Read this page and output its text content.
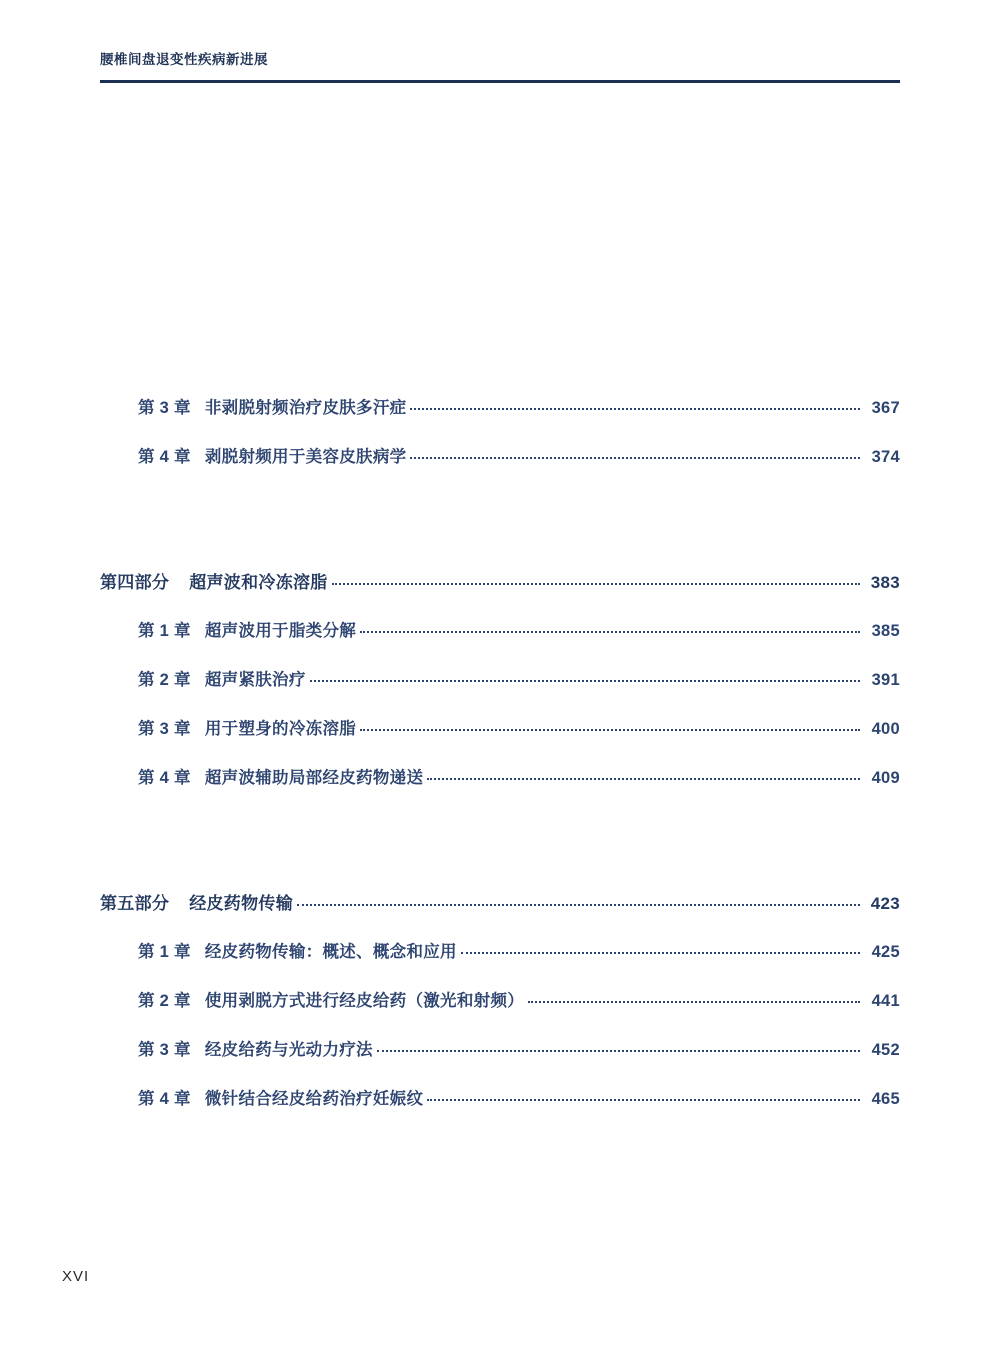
腰椎间盘退变性疾病新进展
第 3 章 非剥脱射频治疗皮肤多汗症	367
第 4 章 剥脱射频用于美容皮肤病学	374
第四部分 超声波和冷冻溶脂	383
第 1 章 超声波用于脂类分解	385
第 2 章 超声紧肤治疗	391
第 3 章 用于塑身的冷冻溶脂	400
第 4 章 超声波辅助局部经皮药物递送	409
第五部分 经皮药物传输	423
第 1 章 经皮药物传输：概述、概念和应用	425
第 2 章 使用剥脱方式进行经皮给药（激光和射频）	441
第 3 章 经皮给药与光动力疗法	452
第 4 章 微针结合经皮给药治疗妊娠纹	465
XVI
